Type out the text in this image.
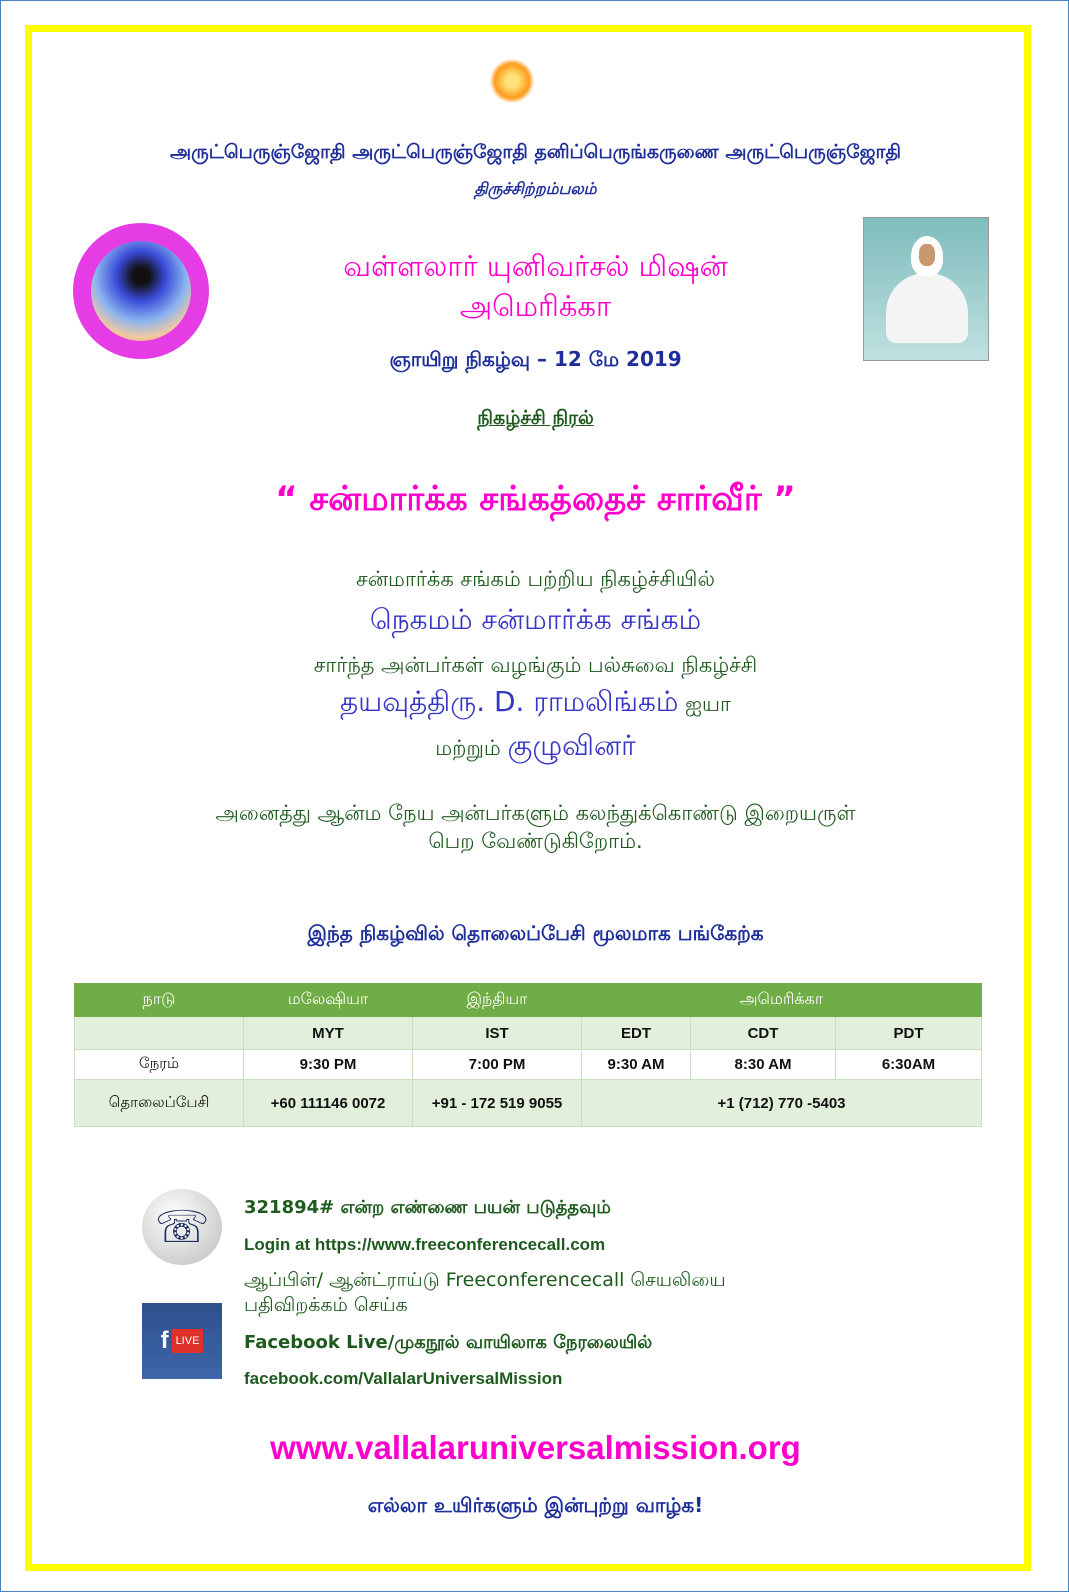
அருட்பெருஞ்ஜோதி அருட்பெருஞ்ஜோதி தனிப்பெருங்கருணை அருட்பெருஞ்ஜோதி
திருச்சிற்றம்பலம்
வள்ளலார் யுனிவர்சல் மிஷன்
அமெரிக்கா
ஞாயிறு நிகழ்வு – 12 மே 2019
நிகழ்ச்சி நிரல்
“ சன்மார்க்க சங்கத்தைச் சார்வீர் ”
சன்மார்க்க சங்கம் பற்றிய நிகழ்ச்சியில்
நெகமம் சன்மார்க்க சங்கம்
சார்ந்த அன்பர்கள் வழங்கும் பல்சுவை நிகழ்ச்சி
தயவுத்திரு. D. ராமலிங்கம் ஐயா
மற்றும் குழுவினர்
அனைத்து ஆன்ம நேய அன்பர்களும் கலந்துக்கொண்டு இறையருள்
பெற வேண்டுகிறோம்.
இந்த நிகழ்வில் தொலைப்பேசி மூலமாக பங்கேற்க
நாடு	மலேஷியா	இந்தியா	அமெரிக்கா		
	MYT	IST	EDT	CDT	PDT
நேரம்	9:30 PM	7:00 PM	9:30 AM	8:30 AM	6:30AM
தொலைப்பேசி	+60 111146 0072	+91 - 172 519 9055	+1 (712) 770 -5403		
☏
f LIVE
321894# என்ற எண்ணை பயன் படுத்தவும்
Login at https://www.freeconferencecall.com
ஆப்பிள்/ ஆன்ட்ராய்டு Freeconferencecall செயலியை
பதிவிறக்கம் செய்க
Facebook Live/முகநூல் வாயிலாக நேரலையில்
facebook.com/VallalarUniversalMission
www.vallalaruniversalmission.org
எல்லா உயிர்களும் இன்புற்று வாழ்க!
